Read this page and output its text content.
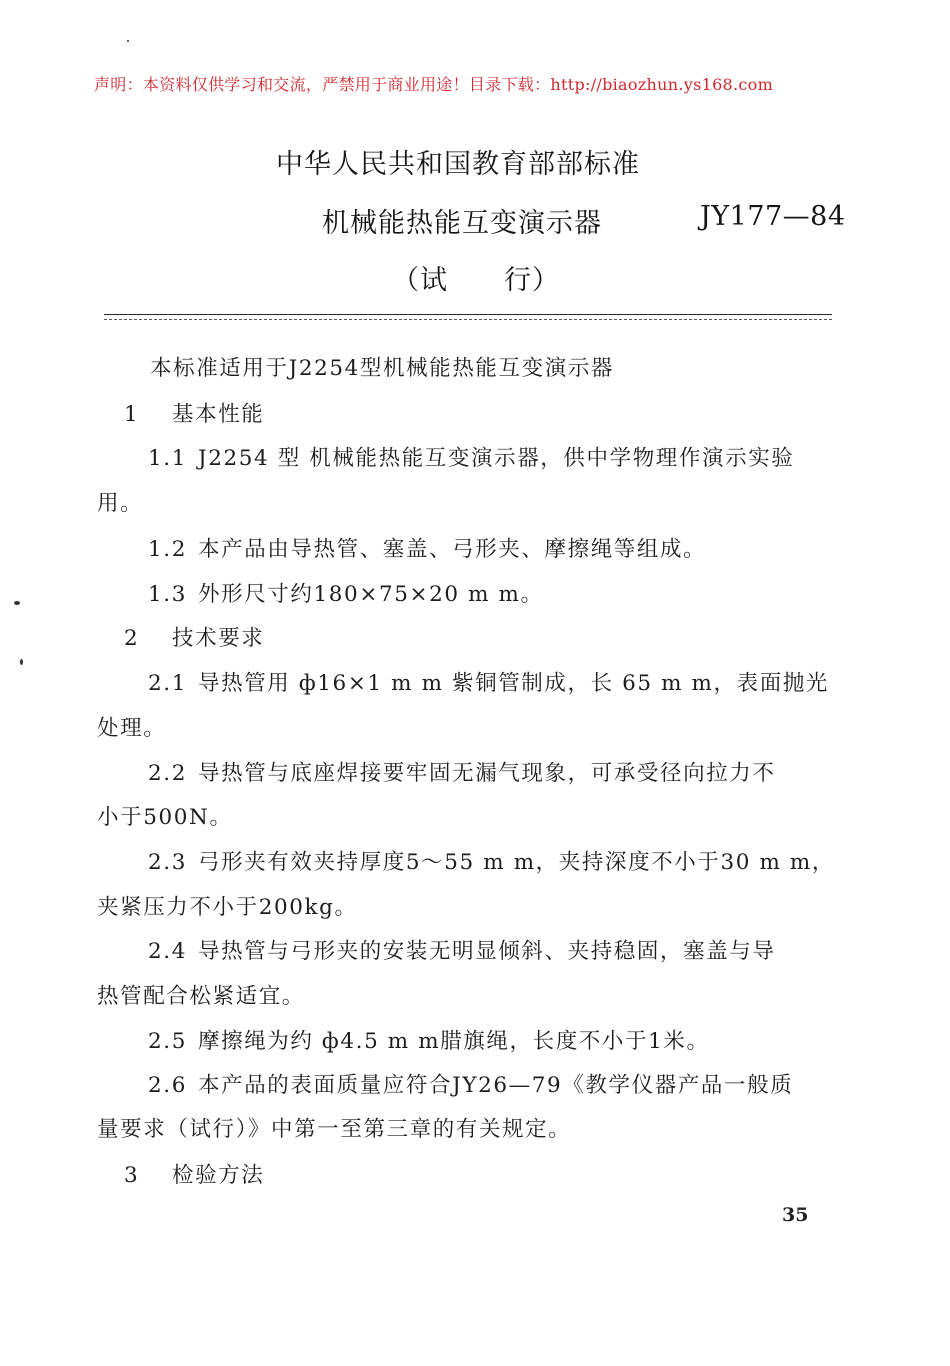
声明：本资料仅供学习和交流，严禁用于商业用途！目录下载：http://biaozhun.ys168.com
中华人民共和国教育部部标准
机械能热能互变演示器	JY177—84
（试　　行）
本标准适用于J2254型机械能热能互变演示器
1 基本性能
1.1 J2254 型 机械能热能互变演示器，供中学物理作演示实验
用。
1.2 本产品由导热管、塞盖、弓形夹、摩擦绳等组成。
1.3 外形尺寸约180×75×20 m m。
2 技术要求
2.1 导热管用 ф16×1 m m 紫铜管制成，长 65 m m，表面抛光
处理。
2.2 导热管与底座焊接要牢固无漏气现象，可承受径向拉力不
小于500N。
2.3 弓形夹有效夹持厚度5～55 m m，夹持深度不小于30 m m，
夹紧压力不小于200kg。
2.4 导热管与弓形夹的安装无明显倾斜、夹持稳固，塞盖与导
热管配合松紧适宜。
2.5 摩擦绳为约 ф4.5 m m腊旗绳，长度不小于1米。
2.6 本产品的表面质量应符合JY26—79《教学仪器产品一般质
量要求（试行）》中第一至第三章的有关规定。
3 检验方法
35
